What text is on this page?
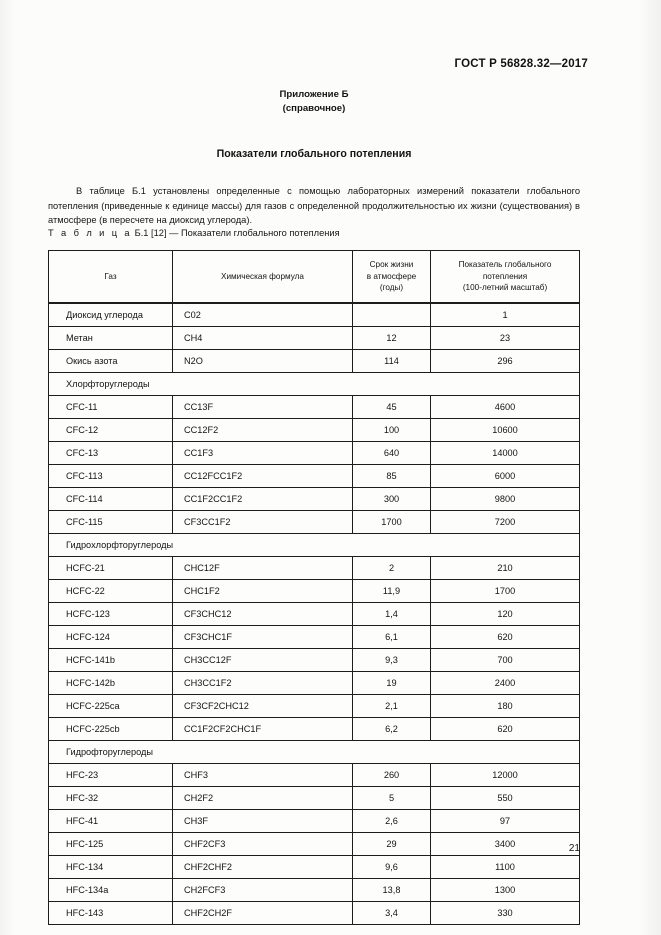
ГОСТ Р 56828.32—2017
Приложение Б
(справочное)
Показатели глобального потепления

В таблице Б.1 установлены определенные с помощью лабораторных измерений показатели глобального потепления (приведенные к единице массы) для газов с определенной продолжительностью их жизни (существования) в атмосфере (в пересчете на диоксид углерода).

Т а б л и ц а Б.1 [12] — Показатели глобального потепления
Газ	Химическая формула	Срок жизни
в атмосфере
(годы)	Показатель глобального
потепления
(100-летний масштаб)

Диоксид углерода	C02		1
Метан	CH4	12	23
Окись азота	N2O	114	296
Хлорфторуглероды			
CFC-11	CC13F	45	4600
CFC-12	CC12F2	100	10600
CFC-13	CC1F3	640	14000
CFC-113	CC12FCC1F2	85	6000
CFC-114	CC1F2CC1F2	300	9800
CFC-115	CF3CC1F2	1700	7200
Гидрохлорфторуглероды			
HCFC-21	CHC12F	2	210
HCFC-22	CHC1F2	11,9	1700
HCFC-123	CF3CHC12	1,4	120
HCFC-124	CF3CHC1F	6,1	620
HCFC-141b	CH3CC12F	9,3	700
HCFC-142b	CH3CC1F2	19	2400
HCFC-225ca	CF3CF2CHC12	2,1	180
HCFC-225cb	CC1F2CF2CHC1F	6,2	620
Гидрофторуглероды			
HFC-23	CHF3	260	12000
HFC-32	CH2F2	5	550
HFC-41	CH3F	2,6	97
HFC-125	CHF2CF3	29	3400
HFC-134	CHF2CHF2	9,6	1100
HFC-134a	CH2FCF3	13,8	1300
HFC-143	CHF2CH2F	3,4	330
21
